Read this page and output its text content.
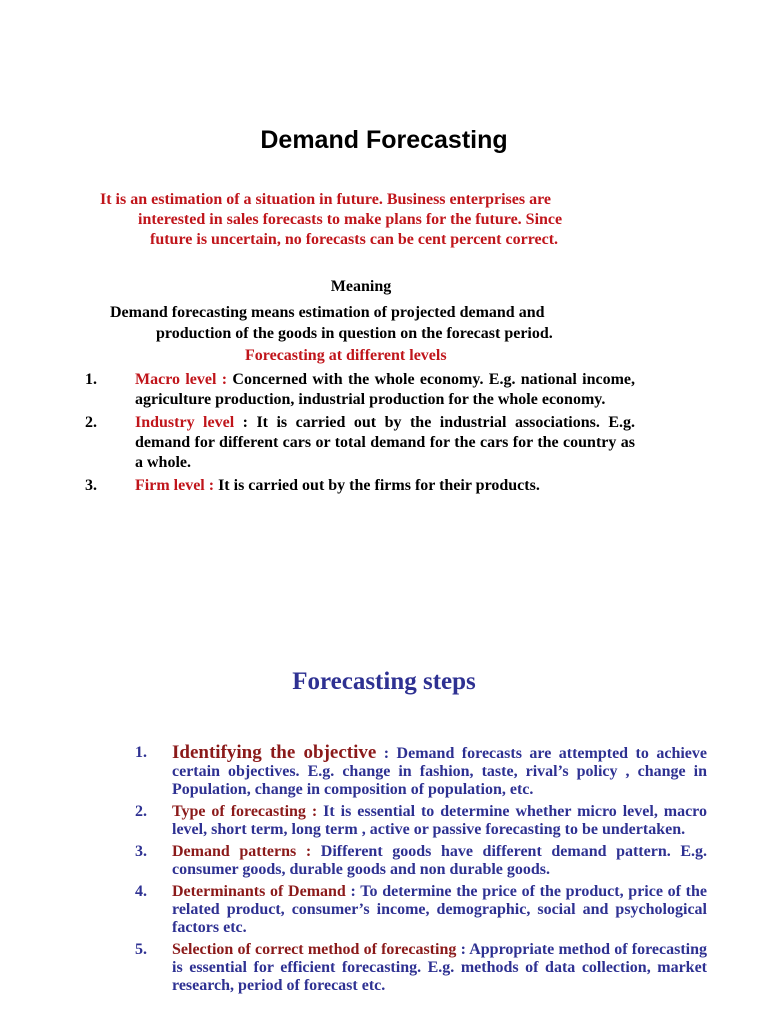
Demand Forecasting
It is an estimation of a situation in future. Business enterprises are
interested in sales forecasts to make plans for the future. Since
future is uncertain, no forecasts can be cent percent correct.
Meaning
Demand forecasting means estimation of projected demand and
production of the goods in question on the forecast period.
Forecasting at different levels
1. Macro level : Concerned with the whole economy. E.g. national income, agriculture production, industrial production for the whole economy.
2. Industry level : It is carried out by the industrial associations. E.g. demand for different cars or total demand for the cars for the country as a whole.
3. Firm level : It is carried out by the firms for their products.
Forecasting steps
1. Identifying the objective : Demand forecasts are attempted to achieve certain objectives. E.g. change in fashion, taste, rival’s policy , change in Population, change in composition of population, etc.
2. Type of forecasting : It is essential to determine whether micro level, macro level, short term, long term , active or passive forecasting to be undertaken.
3. Demand patterns : Different goods have different demand pattern. E.g. consumer goods, durable goods and non durable goods.
4. Determinants of Demand : To determine the price of the product, price of the related product, consumer’s income, demographic, social and psychological factors etc.
5. Selection of correct method of forecasting : Appropriate method of forecasting is essential for efficient forecasting. E.g. methods of data collection, market research, period of forecast etc.
